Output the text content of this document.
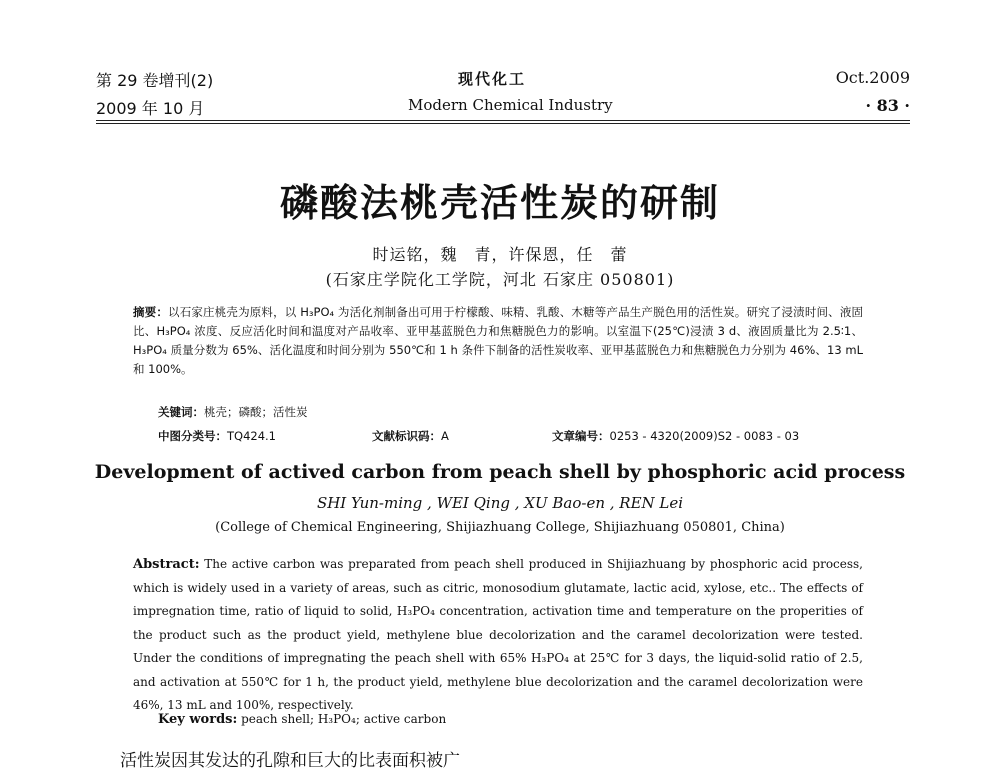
第 29 卷增刊(2)
2009 年 10 月
现代化工
Modern Chemical Industry
Oct.2009
· 83 ·
磷酸法桃壳活性炭的研制
时运铭，魏　青，许保恩，任　蕾
(石家庄学院化工学院，河北 石家庄 050801)
摘要：以石家庄桃壳为原料，以 H₃PO₄ 为活化剂制备出可用于柠檬酸、味精、乳酸、木糖等产品生产脱色用的活性炭。研究了浸渍时间、液固比、H₃PO₄ 浓度、反应活化时间和温度对产品收率、亚甲基蓝脱色力和焦糖脱色力的影响。以室温下(25℃)浸渍 3 d、液固质量比为 2.5∶1、H₃PO₄ 质量分数为 65%、活化温度和时间分别为 550℃和 1 h 条件下制备的活性炭收率、亚甲基蓝脱色力和焦糖脱色力分别为 46%、13 mL 和 100%。
关键词：桃壳；磷酸；活性炭
中图分类号：TQ424.1	文献标识码：A	文章编号：0253 - 4320(2009)S2 - 0083 - 03
Development of actived carbon from peach shell by phosphoric acid process
SHI Yun-ming , WEI Qing , XU Bao-en , REN Lei
(College of Chemical Engineering, Shijiazhuang College, Shijiazhuang 050801, China)
Abstract: The active carbon was preparated from peach shell produced in Shijiazhuang by phosphoric acid process, which is widely used in a variety of areas, such as citric, monosodium glutamate, lactic acid, xylose, etc.. The effects of impregnation time, ratio of liquid to solid, H₃PO₄ concentration, activation time and temperature on the properities of the product such as the product yield, methylene blue decolorization and the caramel decolorization were tested. Under the conditions of impregnating the peach shell with 65% H₃PO₄ at 25℃ for 3 days, the liquid-solid ratio of 2.5, and activation at 550℃ for 1 h, the product yield, methylene blue decolorization and the caramel decolorization were 46%, 13 mL and 100%, respectively.
Key words: peach shell; H₃PO₄; active carbon
活性炭因其发达的孔隙和巨大的比表面积被广
